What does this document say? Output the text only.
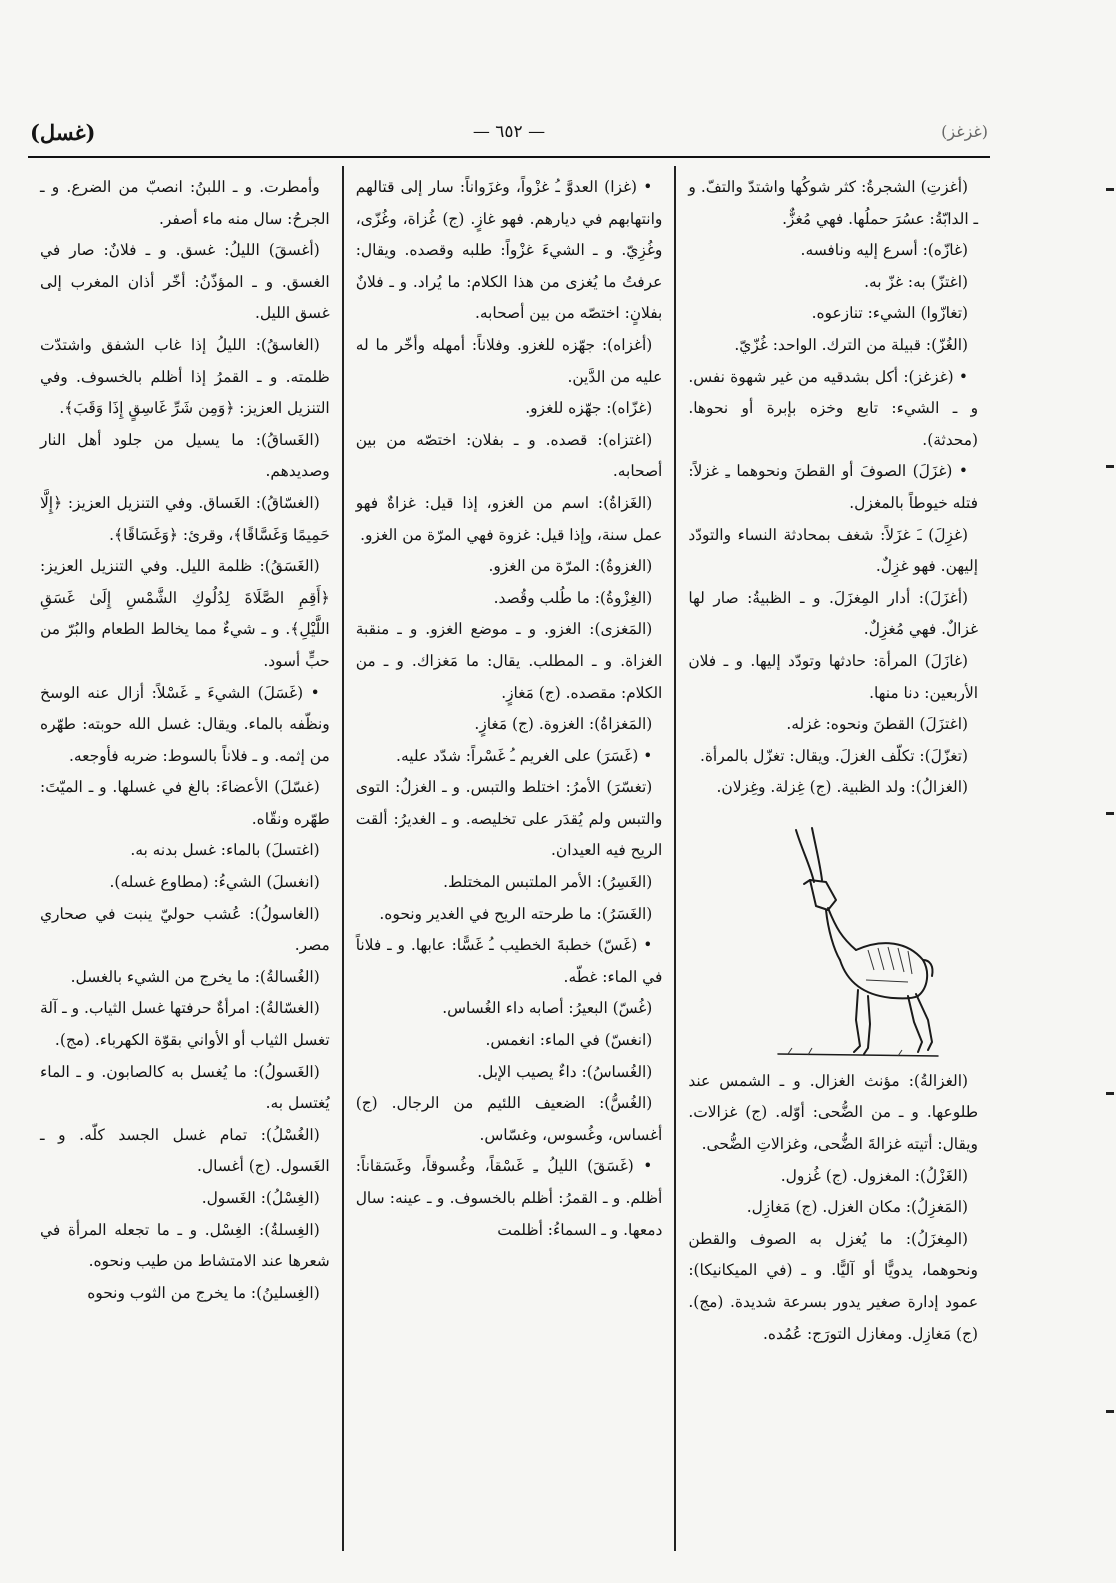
(غزغز)
— ٦٥٢ —
(غسل)

(أغزتِ) الشجرةُ: كثر شوكُها واشتدّ والتفّ. و ـ الدابّةُ: عسُرَ حملُها. فهي مُغزٌّ.

(غازّه): أسرع إليه ونافسه.

(اغتزّ) به: غزّ به.

(تغازّوا) الشيء: تنازعوه.

(الغُزّ): قبيلة من الترك. الواحد: غُزّيّ.

• (غزغز): أكل بشدقيه من غير شهوة نفس. و ـ الشيء: تابع وخزه بإبرة أو نحوها. (محدثة).

• (غزَلَ) الصوفَ أو القطنَ ونحوهما ـِ غزلاً: فتله خيوطاً بالمغزل.

(غزِلَ) ـَ غزَلاً: شغف بمحادثة النساء والتودّد إليهن. فهو غزِلٌ.

(أغزَلَ): أدار المِغزَلَ. و ـ الظبيةُ: صار لها غزالٌ. فهي مُغزِلٌ.

(غازَلَ) المرأة: حادثها وتودّد إليها. و ـ فلان الأربعين: دنا منها.

(اغتزَلَ) القطنَ ونحوه: غزله.

(تغزّلَ): تكلّف الغزلَ. ويقال: تغزّل بالمرأة.

(الغزالُ): ولد الظبية. (ج) غِزلة. وغِزلان.

(الغزالةُ): مؤنث الغزال. و ـ الشمس عند طلوعها. و ـ من الضُّحى: أوّله. (ج) غزالات. ويقال: أتيته غزالةَ الضُّحى، وغزالاتِ الضُّحى.

(الغَزْلُ): المغزول. (ج) غُزول.

(المَغزِلُ): مكان الغزل. (ج) مَغازِل.

(المِغزَلُ): ما يُغزل به الصوف والقطن ونحوهما، يدويًّا أو آليًّا. و ـ (في الميكانيكا): عمود إدارة صغير يدور بسرعة شديدة. (مج). (ج) مَغازِل. ومغازل التورَج: عُمُده.

• (غزا) العدوَّ ـُ غزْواً، وغزَواناً: سار إلى قتالهم وانتهابهم في ديارهم. فهو غازٍ. (ج) غُزاة، وغُزّى، وغُزِيّ. و ـ الشيءَ غزْواً: طلبه وقصده. ويقال: عرفتُ ما يُغزى من هذا الكلام: ما يُراد. و ـ فلانٌ بفلانٍ: اختصّه من بين أصحابه.

(أغزاه): جهّزه للغزو. وفلاناً: أمهله وأخّر ما له عليه من الدَّين.

(غزّاه): جهّزه للغزو.

(اغتزاه): قصده. و ـ بفلان: اختصّه من بين أصحابه.

(الغَزاةُ): اسم من الغزو، إذا قيل: غزاةٌ فهو عمل سنة، وإذا قيل: غزوة فهي المرّة من الغزو.

(الغزوةُ): المرّة من الغزو.

(الغِزْوةُ): ما طُلب وقُصد.

(المَغزى): الغزو. و ـ موضع الغزو. و ـ منقبة الغزاة. و ـ المطلب. يقال: ما مَغزاك. و ـ من الكلام: مقصده. (ج) مَغازٍ.

(المَغزاةُ): الغزوة. (ج) مَغازٍ.

• (غَسَرَ) على الغريم ـُ غَسْراً: شدّد عليه.

(تغسّرَ) الأمرُ: اختلط والتبس. و ـ الغزلُ: التوى والتبس ولم يُقدَر على تخليصه. و ـ الغديرُ: ألقت الريح فيه العيدان.

(الغَسِرُ): الأمر الملتبس المختلط.

(الغَسَرُ): ما طرحته الريح في الغدير ونحوه.

• (غَسّ) خطبةَ الخطيب ـُ غَسًّا: عابها. و ـ فلاناً في الماء: غطّه.

(غُسّ) البعيرُ: أصابه داء الغُساس.

(انغسّ) في الماء: انغمس.

(الغُساسُ): داءٌ يصيب الإبل.

(الغُسُّ): الضعيف اللئيم من الرجال. (ج) أغساس، وغُسوس، وغسّاس.

• (غَسَقَ) الليلُ ـِ غَسْقاً، وغُسوقاً، وغَسَقاناً: أظلم. و ـ القمرُ: أظلم بالخسوف. و ـ عينه: سال دمعها. و ـ السماءُ: أظلمت

وأمطرت. و ـ اللبنُ: انصبّ من الضرع. و ـ الجرحُ: سال منه ماء أصفر.

(أغسقَ) الليلُ: غسق. و ـ فلانٌ: صار في الغسق. و ـ المؤذّنُ: أخّر أذان المغرب إلى غسق الليل.

(الغاسقُ): الليلُ إذا غاب الشفق واشتدّت ظلمته. و ـ القمرُ إذا أظلم بالخسوف. وفي التنزيل العزيز: ﴿وَمِن شَرِّ غَاسِقٍ إِذَا وَقَبَ﴾.

(الغَساقُ): ما يسيل من جلود أهل النار وصديدهم.

(الغسّاقُ): الغَساق. وفي التنزيل العزيز: ﴿إِلَّا حَمِيمًا وَغَسَّاقًا﴾، وقرئ: ﴿وَغَسَاقًا﴾.

(الغَسَقُ): ظلمة الليل. وفي التنزيل العزيز: ﴿أَقِمِ الصَّلَاةَ لِدُلُوكِ الشَّمْسِ إِلَىٰ غَسَقِ اللَّيْلِ﴾. و ـ شيءٌ مما يخالط الطعام والبُرّ من حبٍّ أسود.

• (غَسَلَ) الشيءَ ـِ غَسْلاً: أزال عنه الوسخ ونظّفه بالماء. ويقال: غسل الله حوبته: طهّره من إثمه. و ـ فلاناً بالسوط: ضربه فأوجعه.

(غسّلَ) الأعضاءَ: بالغ في غسلها. و ـ الميّتَ: طهّره ونقّاه.

(اغتسلَ) بالماء: غسل بدنه به.

(انغسلَ) الشيءُ: (مطاوع غسله).

(الغاسولُ): عُشب حوليّ ينبت في صحاري مصر.

(الغُسالةُ): ما يخرج من الشيء بالغسل.

(الغسّالةُ): امرأةٌ حرفتها غسل الثياب. و ـ آلة تغسل الثياب أو الأواني بقوّة الكهرباء. (مج).

(الغَسولُ): ما يُغسل به كالصابون. و ـ الماء يُغتسل به.

(الغُسْلُ): تمام غسل الجسد كلّه. و ـ الغَسول. (ج) أغسال.

(الغِسْلُ): الغَسول.

(الغِسلةُ): الغِسْل. و ـ ما تجعله المرأة في شعرها عند الامتشاط من طيب ونحوه.

(الغِسلينُ): ما يخرج من الثوب ونحوه
